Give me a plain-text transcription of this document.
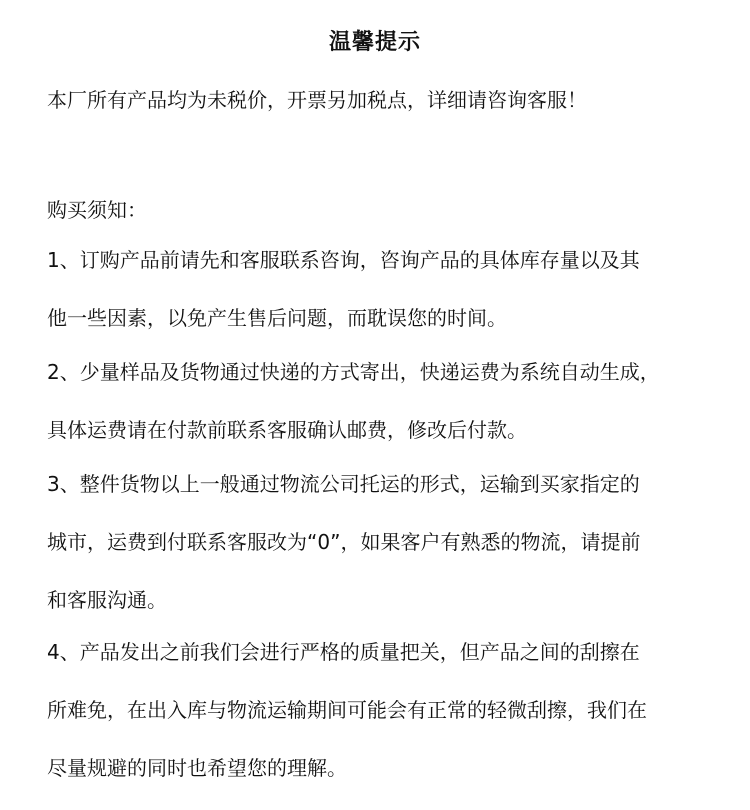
温馨提示
本厂所有产品均为未税价，开票另加税点，详细请咨询客服！
购买须知：
1、订购产品前请先和客服联系咨询，咨询产品的具体库存量以及其
他一些因素，以免产生售后问题，而耽误您的时间。
2、少量样品及货物通过快递的方式寄出，快递运费为系统自动生成，
具体运费请在付款前联系客服确认邮费，修改后付款。
3、整件货物以上一般通过物流公司托运的形式，运输到买家指定的
城市，运费到付联系客服改为“0”，如果客户有熟悉的物流，请提前
和客服沟通。
4、产品发出之前我们会进行严格的质量把关，但产品之间的刮擦在
所难免，在出入库与物流运输期间可能会有正常的轻微刮擦，我们在
尽量规避的同时也希望您的理解。
